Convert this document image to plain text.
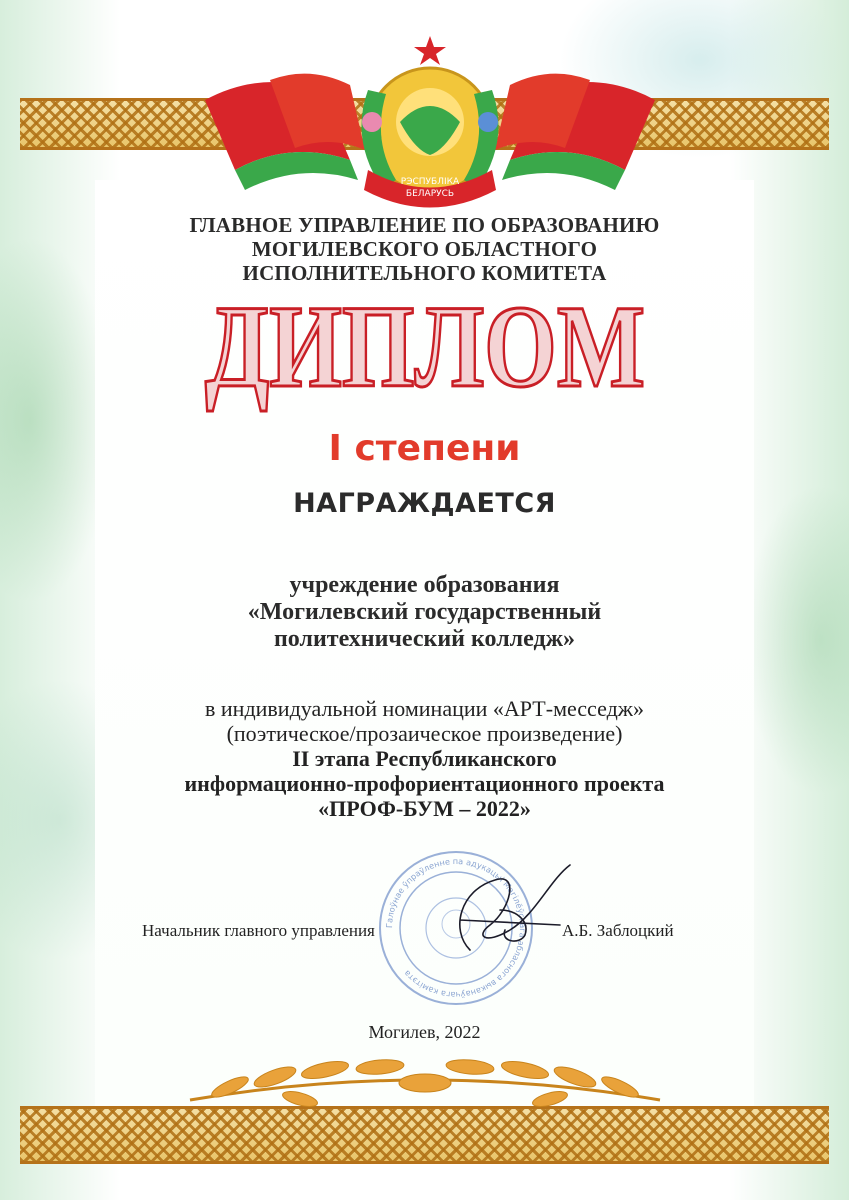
РЭСПУБЛIКА
БЕЛАРУСЬ
ГЛАВНОЕ УПРАВЛЕНИЕ ПО ОБРАЗОВАНИЮ
МОГИЛЕВСКОГО ОБЛАСТНОГО
ИСПОЛНИТЕЛЬНОГО КОМИТЕТА
ДИПЛОМ
I степени
НАГРАЖДАЕТСЯ
учреждение образования
«Могилевский государственный
политехнический колледж»
в индивидуальной номинации «АРТ-месседж»
(поэтическое/прозаическое произведение)
II этапа Республиканского
информационно-профориентационного проекта
«ПРОФ-БУМ – 2022»
Галоўнае ўпраўленне па адукацыі Магілёўскага абласнога выканаўчага камітэта
Начальник главного управления	А.Б. Заблоцкий
Могилев, 2022
